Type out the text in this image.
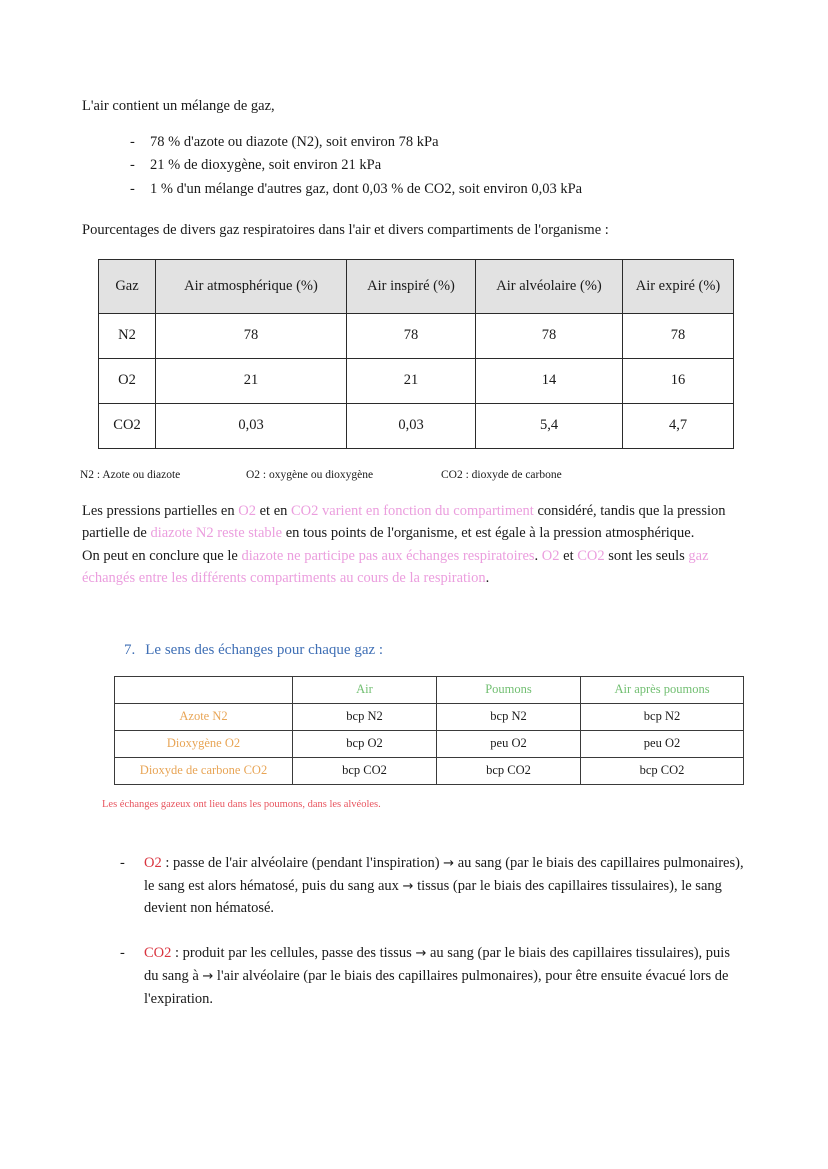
L'air contient un mélange de gaz,

- 78 % d'azote ou diazote (N2), soit environ 78 kPa
- 21 % de dioxygène, soit environ 21 kPa
- 1 % d'un mélange d'autres gaz, dont 0,03 % de CO2, soit environ 0,03 kPa

Pourcentages de divers gaz respiratoires dans l'air et divers compartiments de l'organisme :

Gaz	Air atmosphérique (%)	Air inspiré (%)	Air alvéolaire (%)	Air expiré (%)
N2	78	78	78	78
O2	21	21	14	16
CO2	0,03	0,03	5,4	4,7
N2 : Azote ou diazote	O2 : oxygène ou dioxygène	CO2 : dioxyde de carbone

Les pressions partielles en O2 et en CO2 varient en fonction du compartiment considéré, tandis que la pression partielle de diazote N2 reste stable en tous points de l'organisme, et est égale à la pression atmosphérique.

On peut en conclure que le diazote ne participe pas aux échanges respiratoires. O2 et CO2 sont les seuls gaz échangés entre les différents compartiments au cours de la respiration.

7. Le sens des échanges pour chaque gaz :

	Air	Poumons	Air après poumons
Azote N2	bcp N2	bcp N2	bcp N2
Dioxygène O2	bcp O2	peu O2	peu O2
Dioxyde de carbone CO2	bcp CO2	bcp CO2	bcp CO2

Les échanges gazeux ont lieu dans les poumons, dans les alvéoles.

- O2 : passe de l'air alvéolaire (pendant l'inspiration) → au sang (par le biais des capillaires pulmonaires), le sang est alors hématosé, puis du sang aux → tissus (par le biais des capillaires tissulaires), le sang devient non hématosé.
- CO2 : produit par les cellules, passe des tissus → au sang (par le biais des capillaires tissulaires), puis du sang à → l'air alvéolaire (par le biais des capillaires pulmonaires), pour être ensuite évacué lors de l'expiration.
